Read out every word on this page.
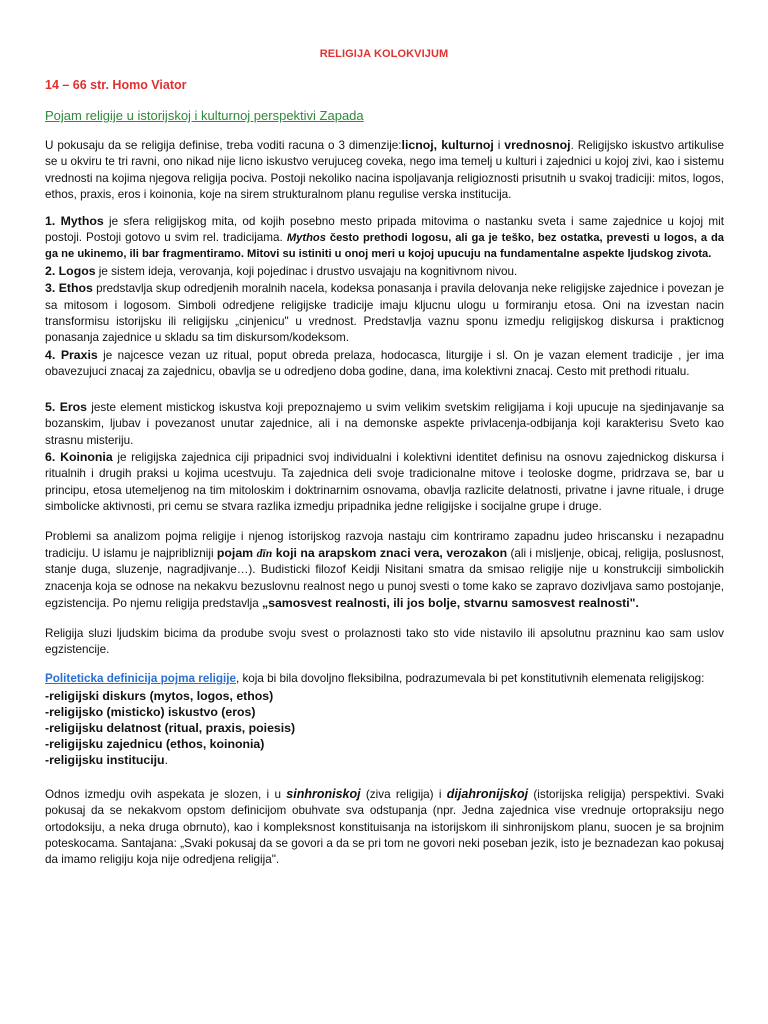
RELIGIJA KOLOKVIJUM
14 – 66 str. Homo Viator
Pojam religije u istorijskoj i kulturnoj perspektivi Zapada

U pokusaju da se religija definise, treba voditi racuna o 3 dimenzije:licnoj, kulturnoj i vrednosnoj. Religijsko iskustvo artikulise se u okviru te tri ravni, ono nikad nije licno iskustvo verujuceg coveka, nego ima temelj u kulturi i zajednici u kojoj zivi, kao i sistemu vrednosti na kojima njegova religija pociva. Postoji nekoliko nacina ispoljavanja religioznosti prisutnih u svakoj tradiciji: mitos, logos, ethos, praxis, eros i koinonia, koje na sirem strukturalnom planu regulise verska institucija.

1. Mythos je sfera religijskog mita, od kojih posebno mesto pripada mitovima o nastanku sveta i same zajednice u kojoj mit postoji. Postoji gotovo u svim rel. tradicijama. Mythos često prethodi logosu, ali ga je teško, bez ostatka, prevesti u logos, a da ga ne ukinemo, ili bar fragmentiramo. Mitovi su istiniti u onoj meri u kojoj upucuju na fundamentalne aspekte ljudskog zivota.

2. Logos je sistem ideja, verovanja, koji pojedinac i drustvo usvajaju na kognitivnom nivou.

3. Ethos predstavlja skup odredjenih moralnih nacela, kodeksa ponasanja i pravila delovanja neke religijske zajednice i povezan je sa mitosom i logosom. Simboli odredjene religijske tradicije imaju kljucnu ulogu u formiranju etosa. Oni na izvestan nacin transformisu istorijsku ili religijsku „cinjenicu" u vrednost. Predstavlja vaznu sponu izmedju religijskog diskursa i prakticnog ponasanja zajednice u skladu sa tim diskursom/kodeksom.

4. Praxis je najcesce vezan uz ritual, poput obreda prelaza, hodocasca, liturgije i sl. On je vazan element tradicije , jer ima obavezujuci znacaj za zajednicu, obavlja se u odredjeno doba godine, dana, ima kolektivni znacaj. Cesto mit prethodi ritualu.

5. Eros jeste element mistickog iskustva koji prepoznajemo u svim velikim svetskim religijama i koji upucuje na sjedinjavanje sa bozanskim, ljubav i povezanost unutar zajednice, ali i na demonske aspekte privlacenja-odbijanja koji karakterisu Sveto kao strasnu misteriju.

6. Koinonia je religijska zajednica ciji pripadnici svoj individualni i kolektivni identitet definisu na osnovu zajednickog diskursa i ritualnih i drugih praksi u kojima ucestvuju. Ta zajednica deli svoje tradicionalne mitove i teoloske dogme, pridrzava se, bar u principu, etosa utemeljenog na tim mitoloskim i doktrinarnim osnovama, obavlja razlicite delatnosti, privatne i javne rituale, i druge simbolicke aktivnosti, pri cemu se stvara razlika izmedju pripadnika jedne religijske i socijalne grupe i druge.

Problemi sa analizom pojma religije i njenog istorijskog razvoja nastaju cim kontriramo zapadnu judeo hriscansku i nezapadnu tradiciju. U islamu je najpriblizniji pojam dīn koji na arapskom znaci vera, verozakon (ali i misljenje, obicaj, religija, poslusnost, stanje duga, sluzenje, nagradjivanje…). Budisticki filozof Keidji Nisitani smatra da smisao religije nije u konstrukciji simbolickih znacenja koja se odnose na nekakvu bezuslovnu realnost nego u punoj svesti o tome kako se zapravo dozivljava samo postojanje, egzistencija. Po njemu religija predstavlja „samosvest realnosti, ili jos bolje, stvarnu samosvest realnosti".

Religija sluzi ljudskim bicima da produbе svoju svest o prolaznosti tako sto vide nistavilo ili apsolutnu prazninu kao sam uslov egzistencije.

Politeticka definicija pojma religije, koja bi bila dovoljno fleksibilna, podrazumevala bi pet konstitutivnih elemenata religijskog:

-religijski diskurs (mytos, logos, ethos)
-religijsko (misticko) iskustvo (eros)
-religijsku delatnost (ritual, praxis, poiesis)
-religijsku zajednicu (ethos, koinonia)
-religijsku instituciju.

Odnos izmedju ovih aspekata je slozen, i u sinhroniskoj (ziva religija) i dijahronijskoj (istorijska religija) perspektivi. Svaki pokusaj da se nekakvom opstom definicijom obuhvate sva odstupanja (npr. Jedna zajednica vise vrednuje ortopraksiju nego ortodoksiju, a neka druga obrnuto), kao i kompleksnost konstituisanja na istorijskom ili sinhronijskom planu, suocen je sa brojnim poteskocama. Santajana: „Svaki pokusaj da se govori a da se pri tom ne govori neki poseban jezik, isto je beznadezan kao pokusaj da imamo religiju koja nije odredjena religija".
